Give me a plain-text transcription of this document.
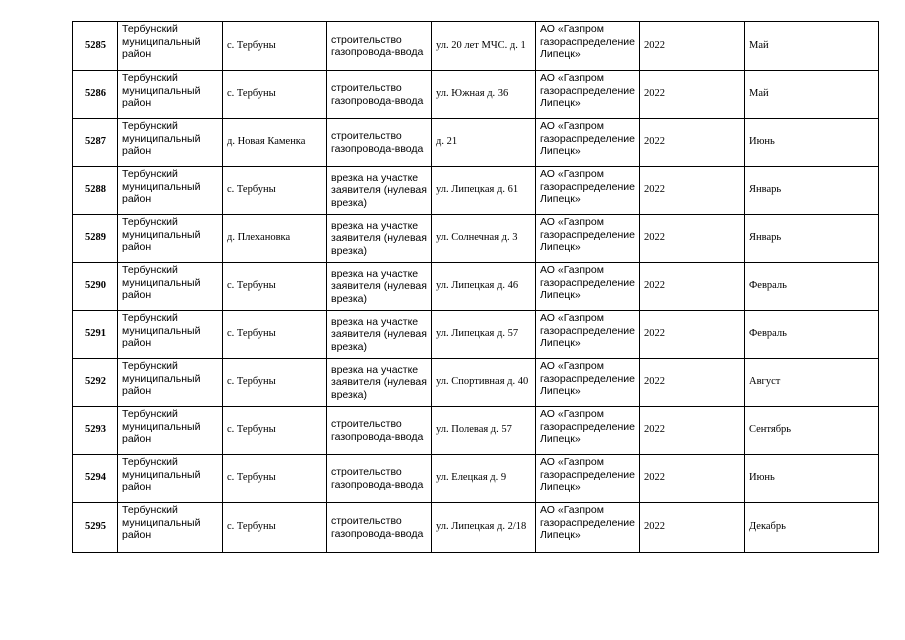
5285	Тербунский муниципальный район	с. Тербуны	строительство газопровода-ввода	ул. 20 лет МЧС. д. 1	АО «Газпром газораспределение Липецк»	2022	Май
5286	Тербунский муниципальный район	с. Тербуны	строительство газопровода-ввода	ул. Южная д. 36	АО «Газпром газораспределение Липецк»	2022	Май
5287	Тербунский муниципальный район	д. Новая Каменка	строительство газопровода-ввода	д. 21	АО «Газпром газораспределение Липецк»	2022	Июнь
5288	Тербунский муниципальный район	с. Тербуны	врезка на участке заявителя (нулевая врезка)	ул. Липецкая д. 61	АО «Газпром газораспределение Липецк»	2022	Январь
5289	Тербунский муниципальный район	д. Плехановка	врезка на участке заявителя (нулевая врезка)	ул. Солнечная д. 3	АО «Газпром газораспределение Липецк»	2022	Январь
5290	Тербунский муниципальный район	с. Тербуны	врезка на участке заявителя (нулевая врезка)	ул. Липецкая д. 46	АО «Газпром газораспределение Липецк»	2022	Февраль
5291	Тербунский муниципальный район	с. Тербуны	врезка на участке заявителя (нулевая врезка)	ул. Липецкая д. 57	АО «Газпром газораспределение Липецк»	2022	Февраль
5292	Тербунский муниципальный район	с. Тербуны	врезка на участке заявителя (нулевая врезка)	ул. Спортивная д. 40	АО «Газпром газораспределение Липецк»	2022	Август
5293	Тербунский муниципальный район	с. Тербуны	строительство газопровода-ввода	ул. Полевая д. 57	АО «Газпром газораспределение Липецк»	2022	Сентябрь
5294	Тербунский муниципальный район	с. Тербуны	строительство газопровода-ввода	ул. Елецкая д. 9	АО «Газпром газораспределение Липецк»	2022	Июнь
5295	Тербунский муниципальный район	с. Тербуны	строительство газопровода-ввода	ул. Липецкая д. 2/18	АО «Газпром газораспределение Липецк»	2022	Декабрь
